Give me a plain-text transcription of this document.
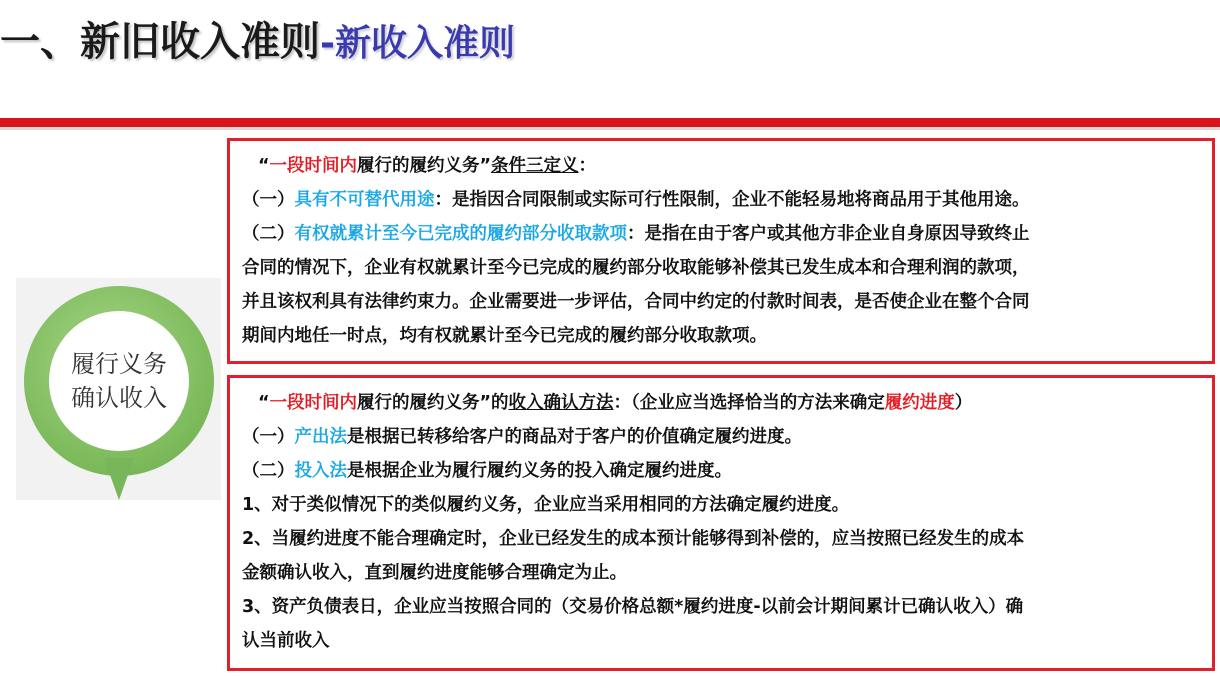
一、新旧收入准则-新收入准则
履行义务
确认收入
“一段时间内履行的履约义务”条件三定义：
（一）具有不可替代用途：是指因合同限制或实际可行性限制，企业不能轻易地将商品用于其他用途。
（二）有权就累计至今已完成的履约部分收取款项：是指在由于客户或其他方非企业自身原因导致终止
合同的情况下，企业有权就累计至今已完成的履约部分收取能够补偿其已发生成本和合理利润的款项，
并且该权利具有法律约束力。企业需要进一步评估，合同中约定的付款时间表，是否使企业在整个合同
期间内地任一时点，均有权就累计至今已完成的履约部分收取款项。
“一段时间内履行的履约义务”的收入确认方法：（企业应当选择恰当的方法来确定履约进度）
（一）产出法是根据已转移给客户的商品对于客户的价值确定履约进度。
（二）投入法是根据企业为履行履约义务的投入确定履约进度。
1、对于类似情况下的类似履约义务，企业应当采用相同的方法确定履约进度。
2、当履约进度不能合理确定时，企业已经发生的成本预计能够得到补偿的，应当按照已经发生的成本
金额确认收入，直到履约进度能够合理确定为止。
3、资产负债表日，企业应当按照合同的（交易价格总额*履约进度-以前会计期间累计已确认收入）确
认当前收入
